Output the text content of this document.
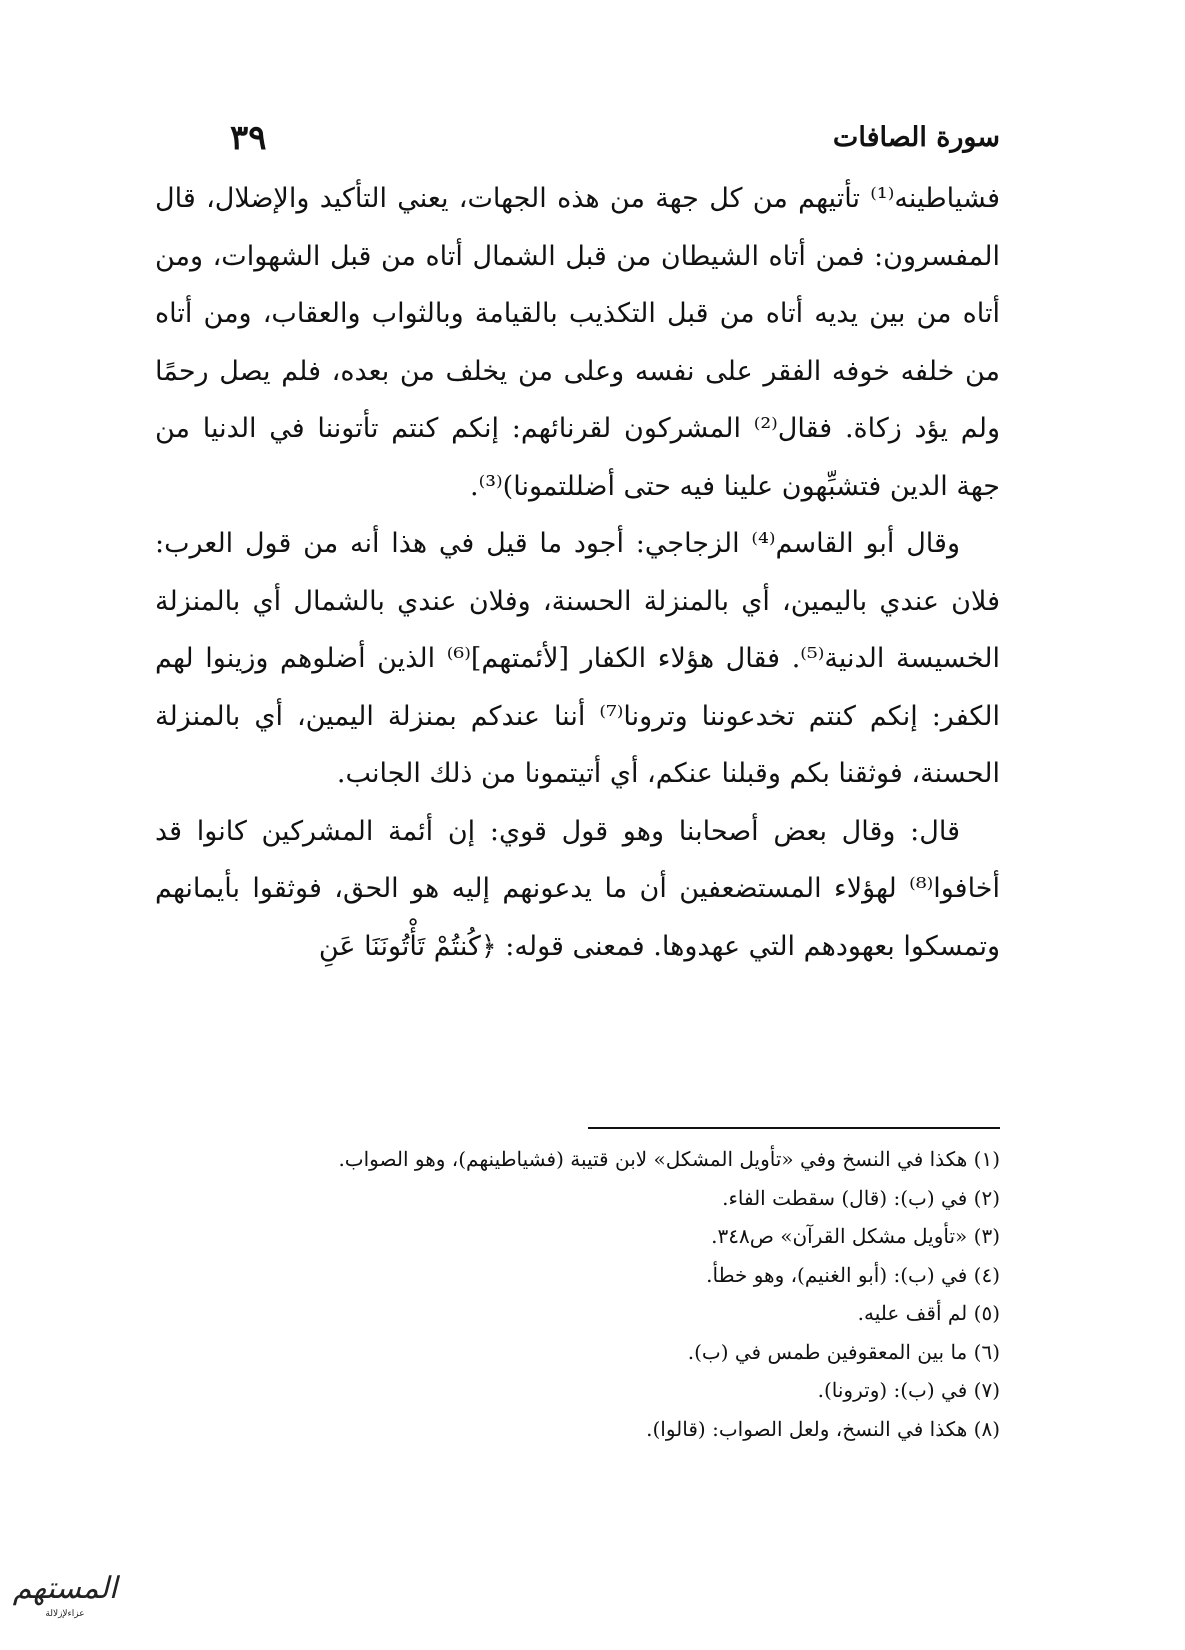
سورة الصافات
٣٩

فشياطينه⁽¹⁾ تأتيهم من كل جهة من هذه الجهات، يعني التأكيد والإضلال، قال المفسرون: فمن أتاه الشيطان من قبل الشمال أتاه من قبل الشهوات، ومن أتاه من بين يديه أتاه من قبل التكذيب بالقيامة وبالثواب والعقاب، ومن أتاه من خلفه خوفه الفقر على نفسه وعلى من يخلف من بعده، فلم يصل رحمًا ولم يؤد زكاة. فقال⁽²⁾ المشركون لقرنائهم: إنكم كنتم تأتوننا في الدنيا من جهة الدين فتشبِّهون علينا فيه حتى أضللتمونا)⁽³⁾.

وقال أبو القاسم⁽⁴⁾ الزجاجي: أجود ما قيل في هذا أنه من قول العرب: فلان عندي باليمين، أي بالمنزلة الحسنة، وفلان عندي بالشمال أي بالمنزلة الخسيسة الدنية⁽⁵⁾. فقال هؤلاء الكفار [لأئمتهم]⁽⁶⁾ الذين أضلوهم وزينوا لهم الكفر: إنكم كنتم تخدعوننا وترونا⁽⁷⁾ أننا عندكم بمنزلة اليمين، أي بالمنزلة الحسنة، فوثقنا بكم وقبلنا عنكم، أي أتيتمونا من ذلك الجانب.

قال: وقال بعض أصحابنا وهو قول قوي: إن أئمة المشركين كانوا قد أخافوا⁽⁸⁾ لهؤلاء المستضعفين أن ما يدعونهم إليه هو الحق، فوثقوا بأيمانهم وتمسكوا بعهودهم التي عهدوها. فمعنى قوله: ﴿كُنتُمْ تَأْتُونَنَا عَنِ

(١) هكذا في النسخ وفي «تأويل المشكل» لابن قتيبة (فشياطينهم)، وهو الصواب.

(٢) في (ب): (قال) سقطت الفاء.

(٣) «تأويل مشكل القرآن» ص٣٤٨.

(٤) في (ب): (أبو الغنيم)، وهو خطأ.

(٥) لم أقف عليه.

(٦) ما بين المعقوفين طمس في (ب).

(٧) في (ب): (وترونا).

(٨) هكذا في النسخ، ولعل الصواب: (قالوا).

المستهم
عزاءلإزلالة
